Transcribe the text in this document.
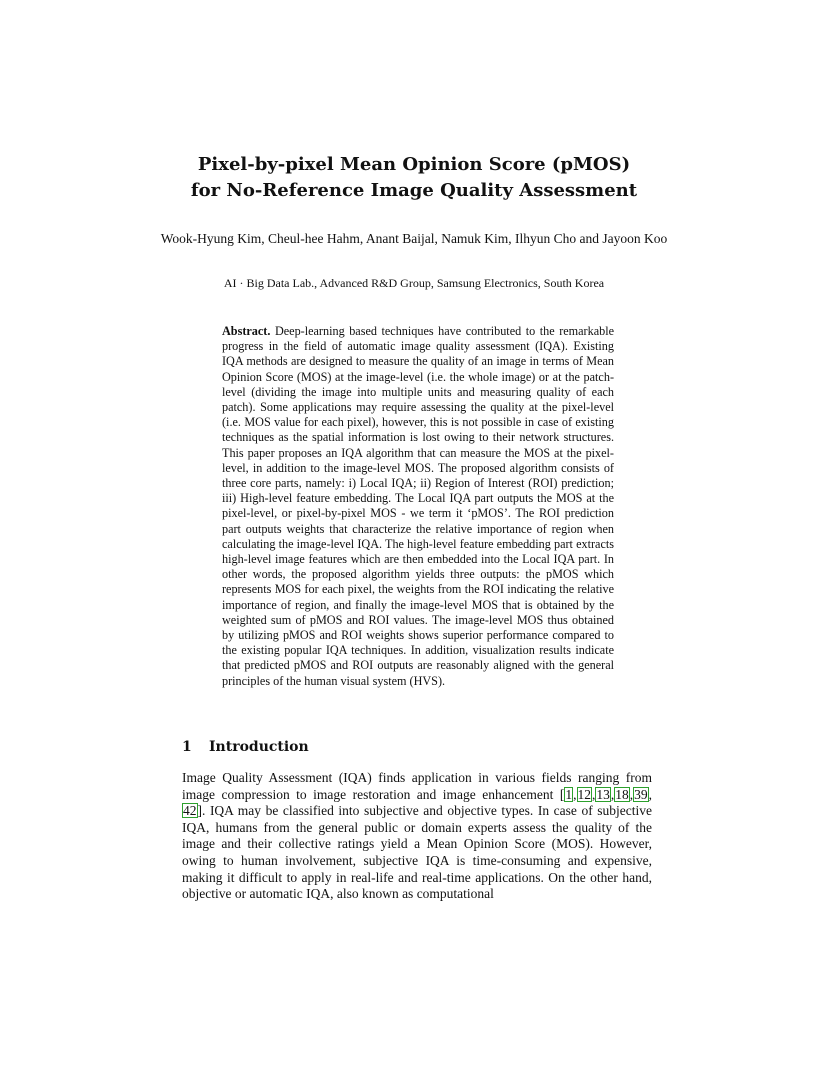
Pixel-by-pixel Mean Opinion Score (pMOS)
for No-Reference Image Quality Assessment
Wook-Hyung Kim, Cheul-hee Hahm, Anant Baijal, Namuk Kim, Ilhyun Cho and Jayoon Koo
AI · Big Data Lab., Advanced R&D Group, Samsung Electronics, South Korea
Abstract. Deep-learning based techniques have contributed to the remarkable progress in the field of automatic image quality assessment (IQA). Existing IQA methods are designed to measure the quality of an image in terms of Mean Opinion Score (MOS) at the image-level (i.e. the whole image) or at the patch-level (dividing the image into multiple units and measuring quality of each patch). Some applications may require assessing the quality at the pixel-level (i.e. MOS value for each pixel), however, this is not possible in case of existing techniques as the spatial information is lost owing to their network structures. This paper proposes an IQA algorithm that can measure the MOS at the pixel-level, in addition to the image-level MOS. The proposed algorithm consists of three core parts, namely: i) Local IQA; ii) Region of Interest (ROI) prediction; iii) High-level feature embedding. The Local IQA part outputs the MOS at the pixel-level, or pixel-by-pixel MOS - we term it ‘pMOS’. The ROI prediction part outputs weights that characterize the relative importance of region when calculating the image-level IQA. The high-level feature embedding part extracts high-level image features which are then embedded into the Local IQA part. In other words, the proposed algorithm yields three outputs: the pMOS which represents MOS for each pixel, the weights from the ROI indicating the relative importance of region, and finally the image-level MOS that is obtained by the weighted sum of pMOS and ROI values. The image-level MOS thus obtained by utilizing pMOS and ROI weights shows superior performance compared to the existing popular IQA techniques. In addition, visualization results indicate that predicted pMOS and ROI outputs are reasonably aligned with the general principles of the human visual system (HVS).
1 Introduction
Image Quality Assessment (IQA) finds application in various fields ranging from image compression to image restoration and image enhancement [1,12,13,18,39, 42]. IQA may be classified into subjective and objective types. In case of subjective IQA, humans from the general public or domain experts assess the quality of the image and their collective ratings yield a Mean Opinion Score (MOS). However, owing to human involvement, subjective IQA is time-consuming and expensive, making it difficult to apply in real-life and real-time applications. On the other hand, objective or automatic IQA, also known as computational
